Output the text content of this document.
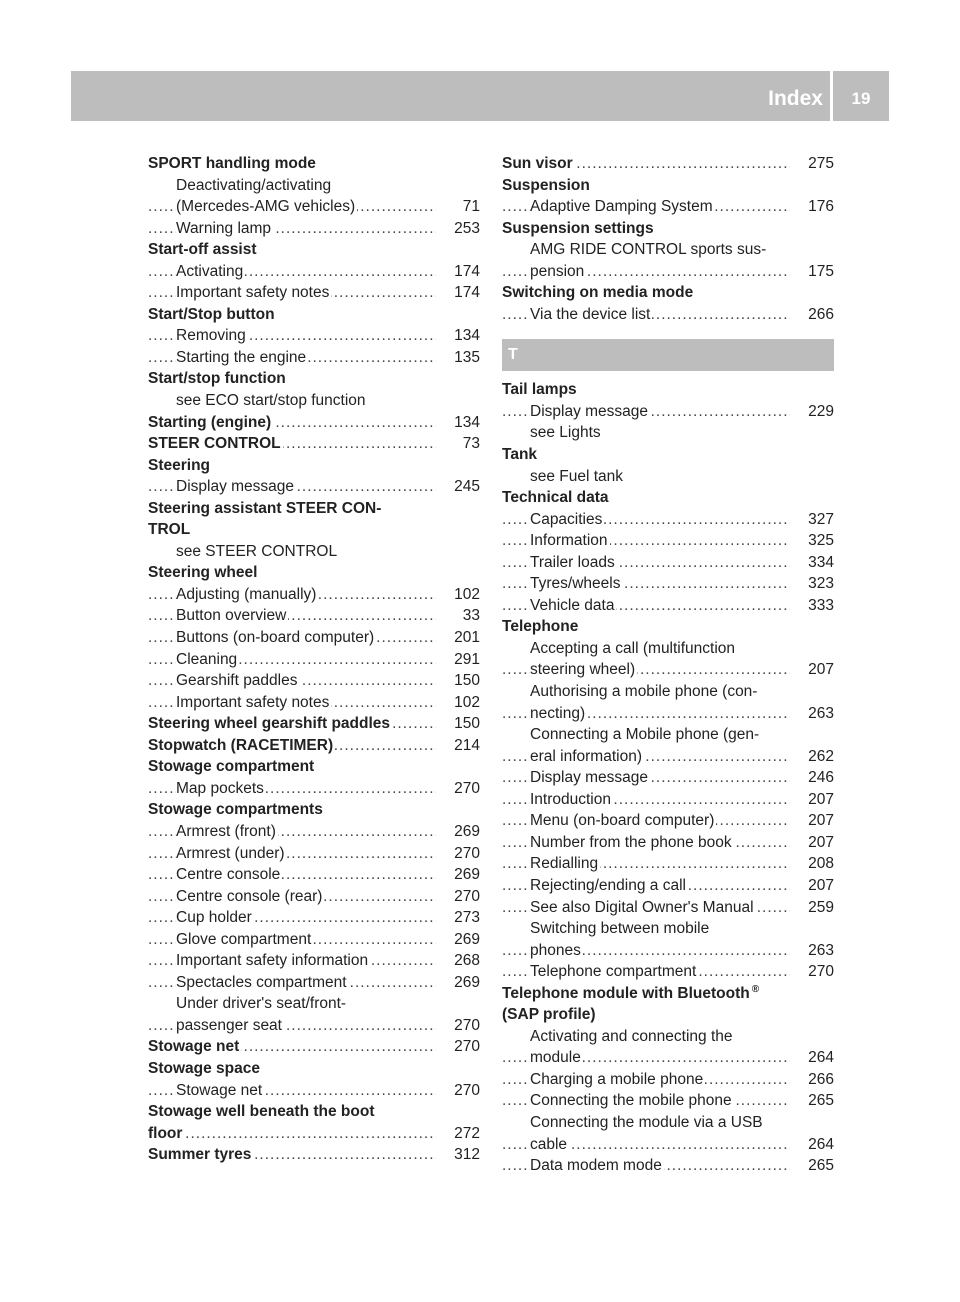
Index	19
SPORT handling mode
Deactivating/activating
..... (Mercedes-AMG vehicles)	71
..... Warning lamp	253
Start-off assist
..... Activating	174
..... Important safety notes	174
Start/Stop button
..... Removing	134
..... Starting the engine	135
Start/stop function
see ECO start/stop function
..... Starting (engine)	134
..... STEER CONTROL	73
Steering
..... Display message	245
Steering assistant STEER CON-
TROL
see STEER CONTROL
Steering wheel
..... Adjusting (manually)	102
..... Button overview	33
..... Buttons (on-board computer)	201
..... Cleaning	291
..... Gearshift paddles	150
..... Important safety notes	102
..... Steering wheel gearshift paddles	150
..... Stopwatch (RACETIMER)	214
Stowage compartment
..... Map pockets	270
Stowage compartments
..... Armrest (front)	269
..... Armrest (under)	270
..... Centre console	269
..... Centre console (rear)	270
..... Cup holder	273
..... Glove compartment	269
..... Important safety information	268
..... Spectacles compartment	269
Under driver's seat/front-
..... passenger seat	270
..... Stowage net	270
Stowage space
..... Stowage net	270
Stowage well beneath the boot
..... floor	272
..... Summer tyres	312
..... Sun visor	275
Suspension
..... Adaptive Damping System	176
Suspension settings
AMG RIDE CONTROL sports sus-
..... pension	175
Switching on media mode
..... Via the device list	266
T
Tail lamps
..... Display message	229
see Lights
Tank
see Fuel tank
Technical data
..... Capacities	327
..... Information	325
..... Trailer loads	334
..... Tyres/wheels	323
..... Vehicle data	333
Telephone
Accepting a call (multifunction
..... steering wheel)	207
Authorising a mobile phone (con-
..... necting)	263
Connecting a Mobile phone (gen-
..... eral information)	262
..... Display message	246
..... Introduction	207
..... Menu (on-board computer)	207
..... Number from the phone book	207
..... Redialling	208
..... Rejecting/ending a call	207
..... See also Digital Owner's Manual	259
Switching between mobile
..... phones	263
..... Telephone compartment	270
Telephone module with Bluetooth ®
(SAP profile)
Activating and connecting the
..... module	264
..... Charging a mobile phone	266
..... Connecting the mobile phone	265
Connecting the module via a USB
..... cable	264
..... Data modem mode	265
